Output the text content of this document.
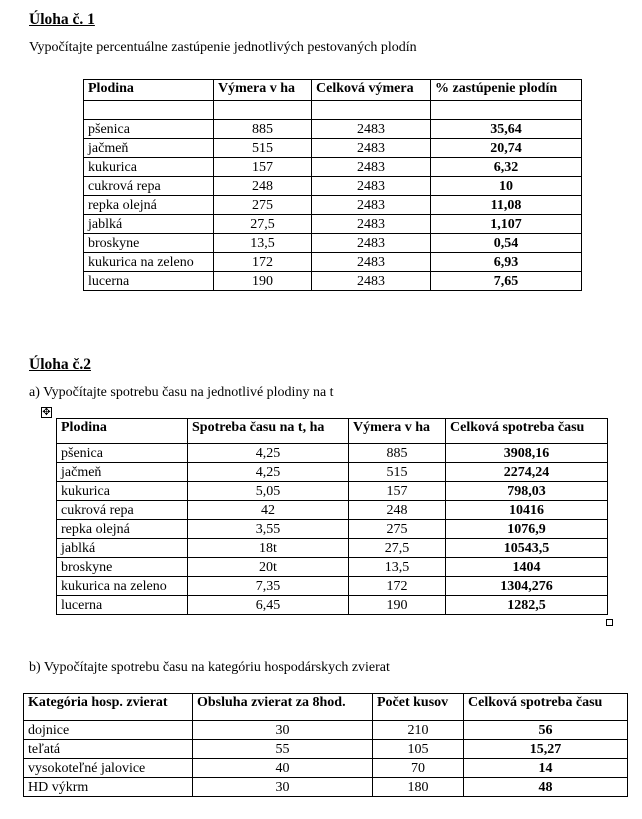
Úloha č. 1
Vypočítajte percentuálne zastúpenie jednotlivých pestovaných plodín
Plodina	Výmera v ha	Celková výmera	% zastúpenie plodín

pšenica	885	2483	35,64
jačmeň	515	2483	20,74
kukurica	157	2483	6,32
cukrová repa	248	2483	10
repka olejná	275	2483	11,08
jablká	27,5	2483	1,107
broskyne	13,5	2483	0,54
kukurica na zeleno	172	2483	6,93
lucerna	190	2483	7,65
Úloha č.2
a) Vypočítajte spotrebu času na jednotlivé plodiny na t
✥
Plodina	Spotreba času na t, ha	Výmera v ha	Celková spotreba času
pšenica	4,25	885	3908,16
jačmeň	4,25	515	2274,24
kukurica	5,05	157	798,03
cukrová repa	42	248	10416
repka olejná	3,55	275	1076,9
jablká	18t	27,5	10543,5
broskyne	20t	13,5	1404
kukurica na zeleno	7,35	172	1304,276
lucerna	6,45	190	1282,5
b) Vypočítajte spotrebu času na kategóriu hospodárskych zvierat
Kategória hosp. zvierat	Obsluha zvierat za 8hod.	Počet kusov	Celková spotreba času
dojnice	30	210	56
teľatá	55	105	15,27
vysokoteľné jalovice	40	70	14
HD výkrm	30	180	48
